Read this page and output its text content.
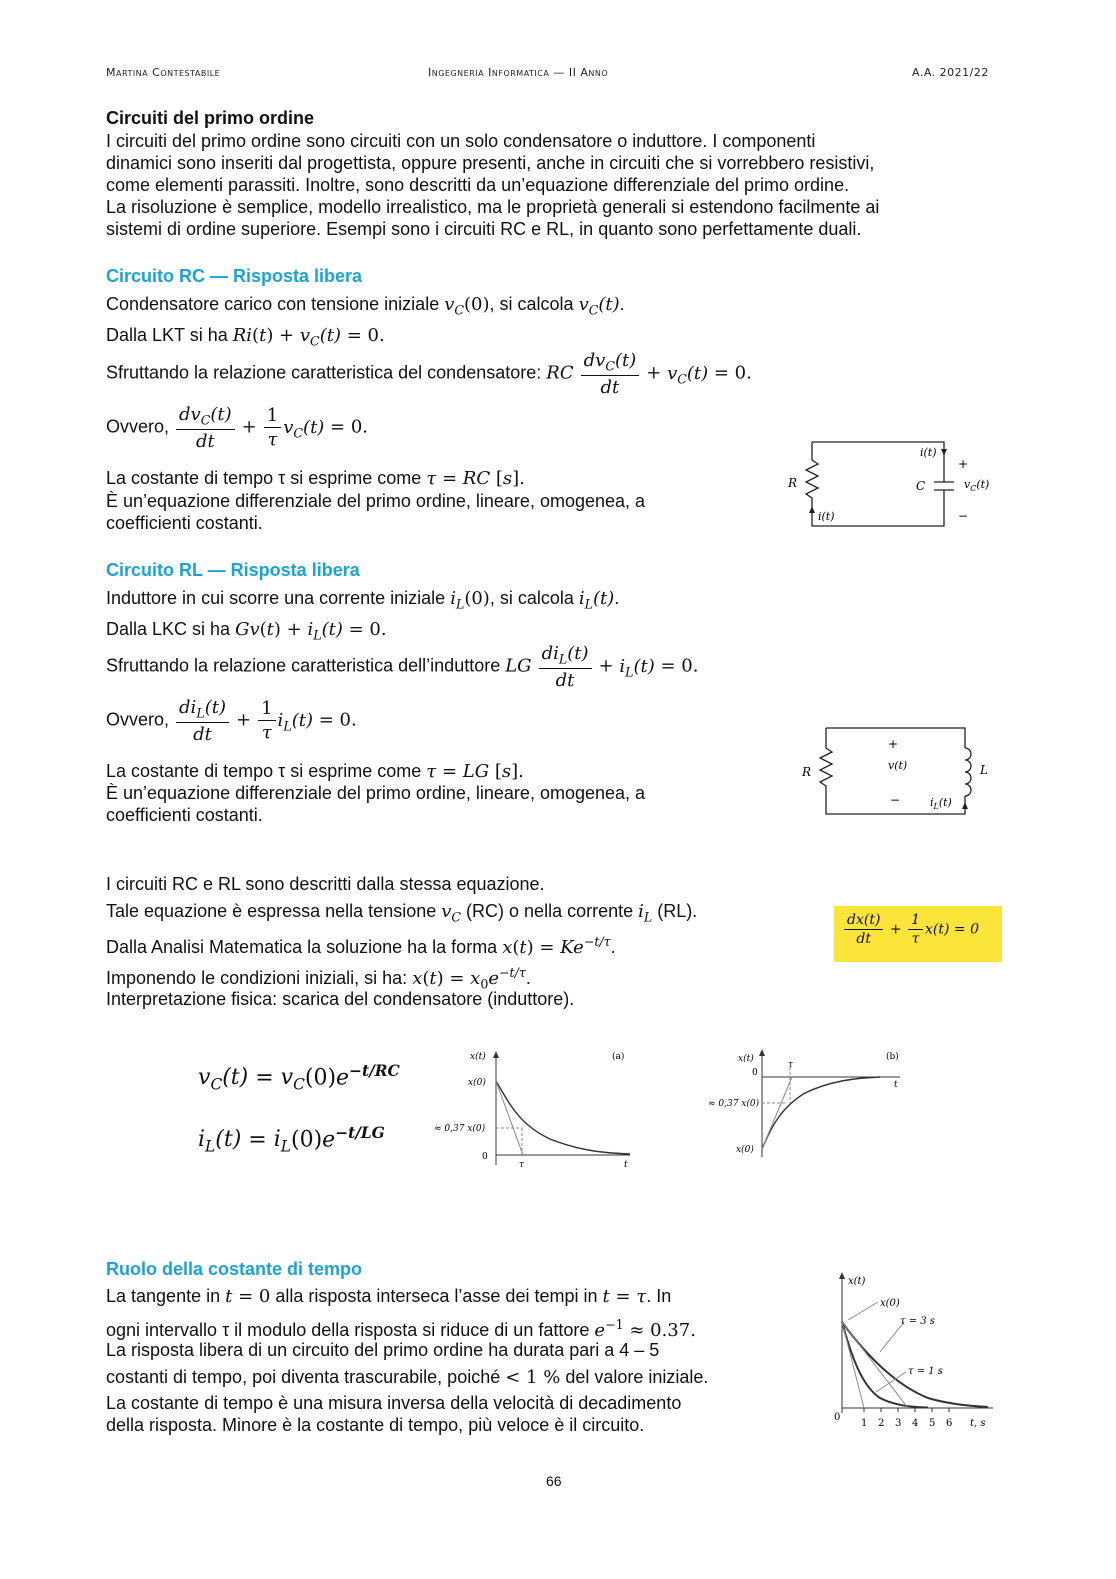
Martina Contestabile	Ingegneria Informatica — II Anno	A.A. 2021/22
Circuiti del primo ordine
I circuiti del primo ordine sono circuiti con un solo condensatore o induttore. I componenti
dinamici sono inseriti dal progettista, oppure presenti, anche in circuiti che si vorrebbero resistivi,
come elementi parassiti. Inoltre, sono descritti da un’equazione differenziale del primo ordine.
La risoluzione è semplice, modello irrealistico, ma le proprietà generali si estendono facilmente ai
sistemi di ordine superiore. Esempi sono i circuiti RC e RL, in quanto sono perfettamente duali.
Circuito RC — Risposta libera
Condensatore carico con tensione iniziale $v_C(0)$, si calcola $v_C(t)$.
Dalla LKT si ha $Ri(t) + v_C(t) = 0$.
Sfruttando la relazione caratteristica del condensatore: RC $\frac{dv_C(t)}{dt} + v_C(t) = 0$.
Ovvero, $\frac{dv_C(t)}{dt} + \frac{1}{\tau} v_C(t) = 0$.
La costante di tempo τ si esprime come τ = RC [s].
È un’equazione differenziale del primo ordine, lineare, omogenea, a
coefficienti costanti.
R	C
i(t)
i(t)
$v_C(t)$
+
−
Circuito RL — Risposta libera
Induttore in cui scorre una corrente iniziale $i_L(0)$, si calcola $i_L(t)$.
Dalla LKC si ha $Gv(t) + i_L(t) = 0$.
Sfruttando la relazione caratteristica dell’induttore LG $\frac{di_L(t)}{dt} + i_L(t) = 0$.
Ovvero, $\frac{di_L(t)}{dt} + \frac{1}{\tau} i_L(t) = 0$.
La costante di tempo τ si esprime come τ = LG [s].
È un’equazione differenziale del primo ordine, lineare, omogenea, a
coefficienti costanti.
R	L
v(t)
+
−	$i_L(t)$
I circuiti RC e RL sono descritti dalla stessa equazione.
Tale equazione è espressa nella tensione $v_C$ (RC) o nella corrente $i_L$ (RL).
Dalla Analisi Matematica la soluzione ha la forma $x(t) = Ke^{-t/\tau}$.
Imponendo le condizioni iniziali, si ha: $x(t) = x_0e^{-t/\tau}$.
Interpretazione fisica: scarica del condensatore (induttore).
$\frac{dx(t)}{dt} + \frac{1}{\tau} x(t) = 0$
$v_C(t) = v_C(0)e^{-t/RC}$
$i_L(t) = i_L(0)e^{-t/LG}$
x(t)
x(0)
≈ 0,37 x(0)
0
τ	t
(a)	x(t)
0
≈ 0,37 x(0)
x(0)
τ
t
(b)
Ruolo della costante di tempo
La tangente in t = 0 alla risposta interseca l’asse dei tempi in t = τ. In
ogni intervallo τ il modulo della risposta si riduce di un fattore $e^{-1} \approx 0.37$.
La risposta libera di un circuito del primo ordine ha durata pari a 4 – 5
costanti di tempo, poi diventa trascurabile, poiché < 1 % del valore iniziale.
La costante di tempo è una misura inversa della velocità di decadimento
della risposta. Minore è la costante di tempo, più veloce è il circuito.
x(t)
x(0)
τ = 3 s
τ = 1 s
0
1 2 3 4 5 6 t, s
66
